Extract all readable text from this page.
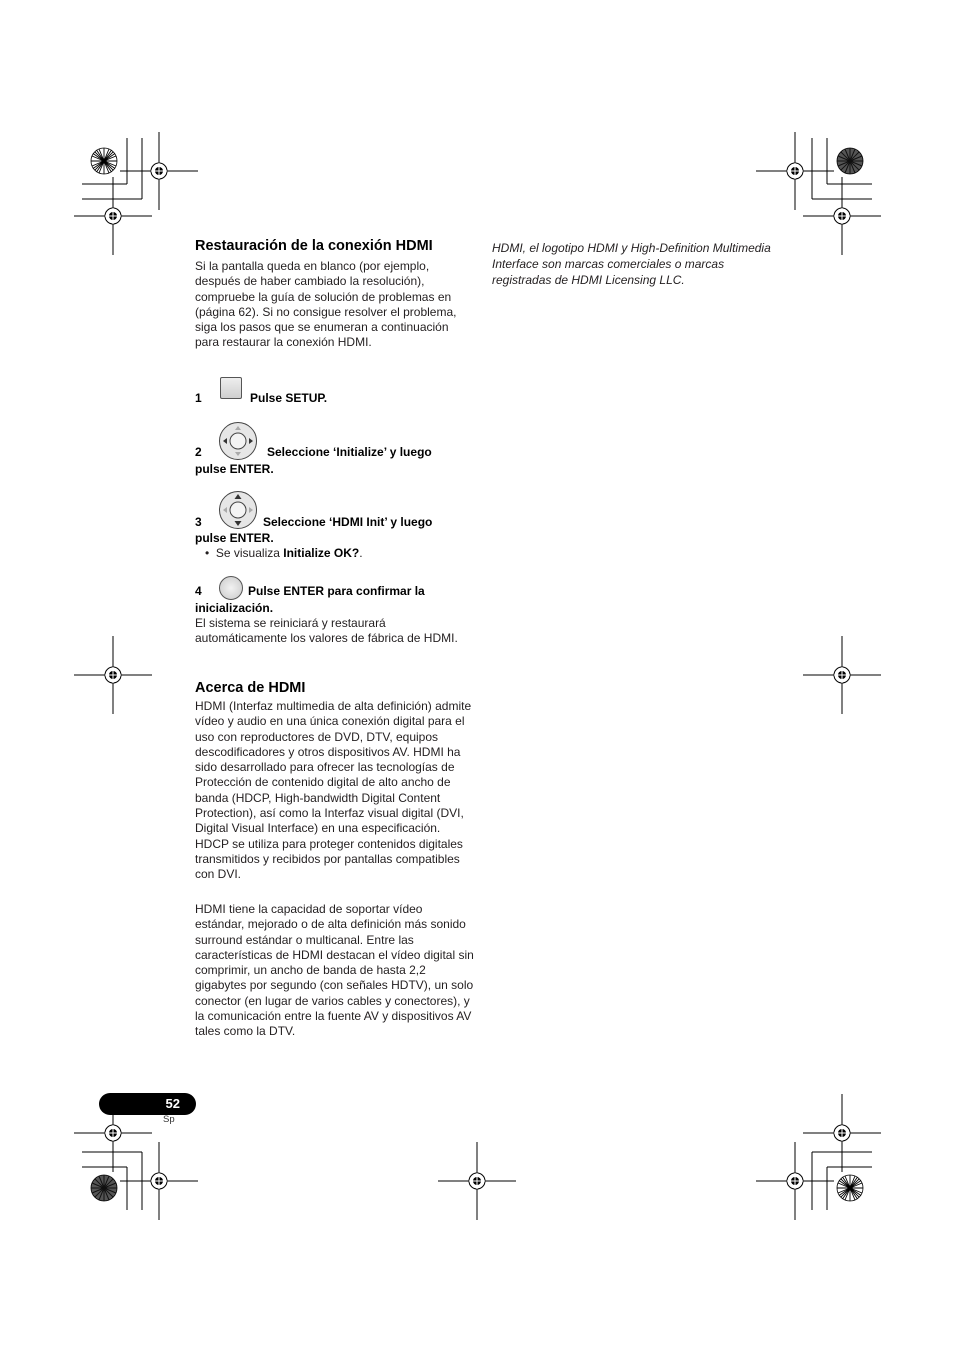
Restauración de la conexión HDMI

Si la pantalla queda en blanco (por ejemplo, después de haber cambiado la resolución), compruebe la guía de solución de problemas en (página 62). Si no consigue resolver el problema, siga los pasos que se enumeran a continuación para restaurar la conexión HDMI.

1	Pulse SETUP.
2	Seleccione ‘Initialize’ y luego
pulse ENTER.
3	Seleccione ‘HDMI Init’ y luego
pulse ENTER.
•  Se visualiza Initialize OK?.
4	Pulse ENTER para confirmar la
inicialización.

El sistema se reiniciará y restaurará automáticamente los valores de fábrica de HDMI.

Acerca de HDMI

HDMI (Interfaz multimedia de alta definición) admite vídeo y audio en una única conexión digital para el uso con reproductores de DVD, DTV, equipos descodificadores y otros dispositivos AV. HDMI ha sido desarrollado para ofrecer las tecnologías de Protección de contenido digital de alto ancho de banda (HDCP, High-bandwidth Digital Content Protection), así como la Interfaz visual digital (DVI, Digital Visual Interface) en una especificación. HDCP se utiliza para proteger contenidos digitales transmitidos y recibidos por pantallas compatibles con DVI.

HDMI tiene la capacidad de soportar vídeo estándar, mejorado o de alta definición más sonido surround estándar o multicanal. Entre las características de HDMI destacan el vídeo digital sin comprimir, un ancho de banda de hasta 2,2 gigabytes por segundo (con señales HDTV), un solo conector (en lugar de varios cables y conectores), y la comunicación entre la fuente AV y dispositivos AV tales como la DTV.

HDMI, el logotipo HDMI y High-Definition Multimedia Interface son marcas comerciales o marcas registradas de HDMI Licensing LLC.

52
Sp
